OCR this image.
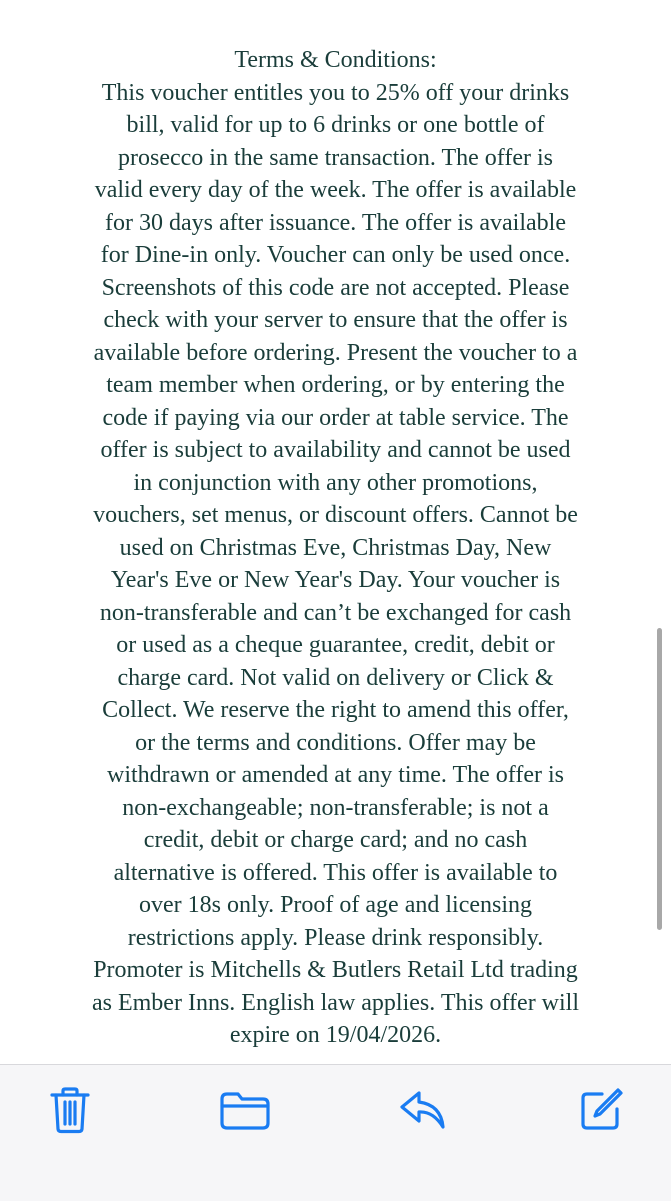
Terms & Conditions:
This voucher entitles you to 25% off your drinks
bill, valid for up to 6 drinks or one bottle of
prosecco in the same transaction. The offer is
valid every day of the week. The offer is available
for 30 days after issuance. The offer is available
for Dine-in only. Voucher can only be used once.
Screenshots of this code are not accepted. Please
check with your server to ensure that the offer is
available before ordering. Present the voucher to a
team member when ordering, or by entering the
code if paying via our order at table service. The
offer is subject to availability and cannot be used
in conjunction with any other promotions,
vouchers, set menus, or discount offers. Cannot be
used on Christmas Eve, Christmas Day, New
Year's Eve or New Year's Day. Your voucher is
non-transferable and can’t be exchanged for cash
or used as a cheque guarantee, credit, debit or
charge card. Not valid on delivery or Click &
Collect. We reserve the right to amend this offer,
or the terms and conditions. Offer may be
withdrawn or amended at any time. The offer is
non-exchangeable; non-transferable; is not a
credit, debit or charge card; and no cash
alternative is offered. This offer is available to
over 18s only. Proof of age and licensing
restrictions apply. Please drink responsibly.
Promoter is Mitchells & Butlers Retail Ltd trading
as Ember Inns. English law applies. This offer will
expire on 19/04/2026.
